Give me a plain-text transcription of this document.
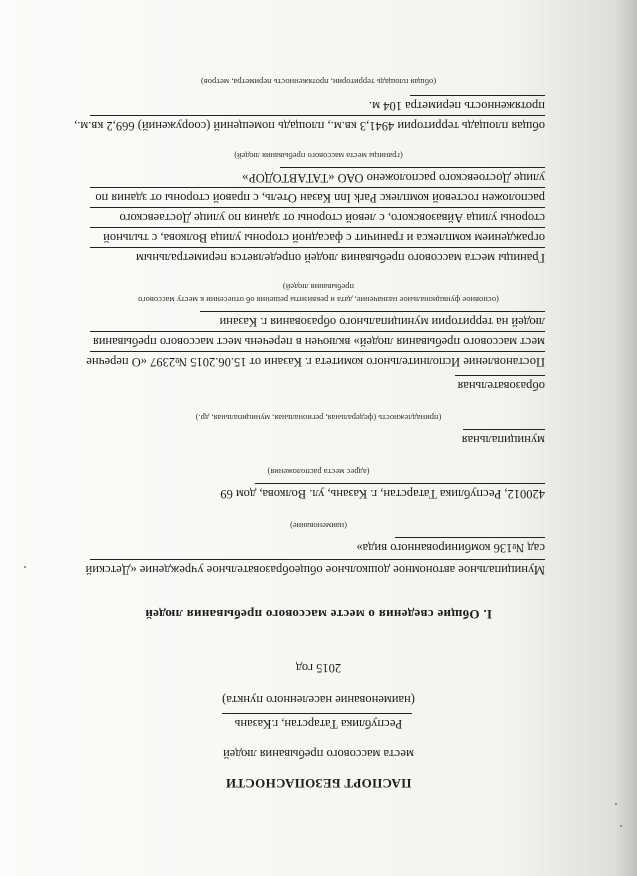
ПАСПОРТ БЕЗОПАСНОСТИ
места массового пребывания людей
Республика Татарстан, г.Казань
(наименование населенного пункта)
2015 год
I. Общие сведения о месте массового пребывания людей
Муниципальное автономное дошкольное общеобразовательное учреждение «Детский
сад №136 комбинированного вида»
(наименование)
420012, Республика Татарстан, г. Казань, ул. Волкова, дом 69
(адрес места расположения)
муниципальная
(принадлежность (федеральная, региональная, муниципальная, др.)
образовательная
Постановление Исполнительного комитета г. Казани от 15.06.2015 №2397 «О перечне
мест массового пребывания людей» включен в перечень мест массового пребывания
людей на территории муниципального образования г. Казани
(основное функциональное назначение, дата и реквизиты решения об отнесении к месту массового
пребывания людей)
Границы места массового пребывания людей определяется периметральным
ограждением комплекса и граничит с фасадной стороны улица Волкова, с тыльной
стороны улица Айвазовского, с левой стороны от здания по улице Достаевского
расположен гостевой комплекс Park Inn Казан Отель, с правой стороны от здания по
улице Достоевского расположено ОАО «ТАТАВТОДОР»
(границы места массового пребывания людей)
общая площадь территории 4941,3 кв.м., площадь помещений (сооружений) 669,2 кв.м.,
протяженность периметра 104 м.
(общая площадь территории, протяженность периметра, метров)
